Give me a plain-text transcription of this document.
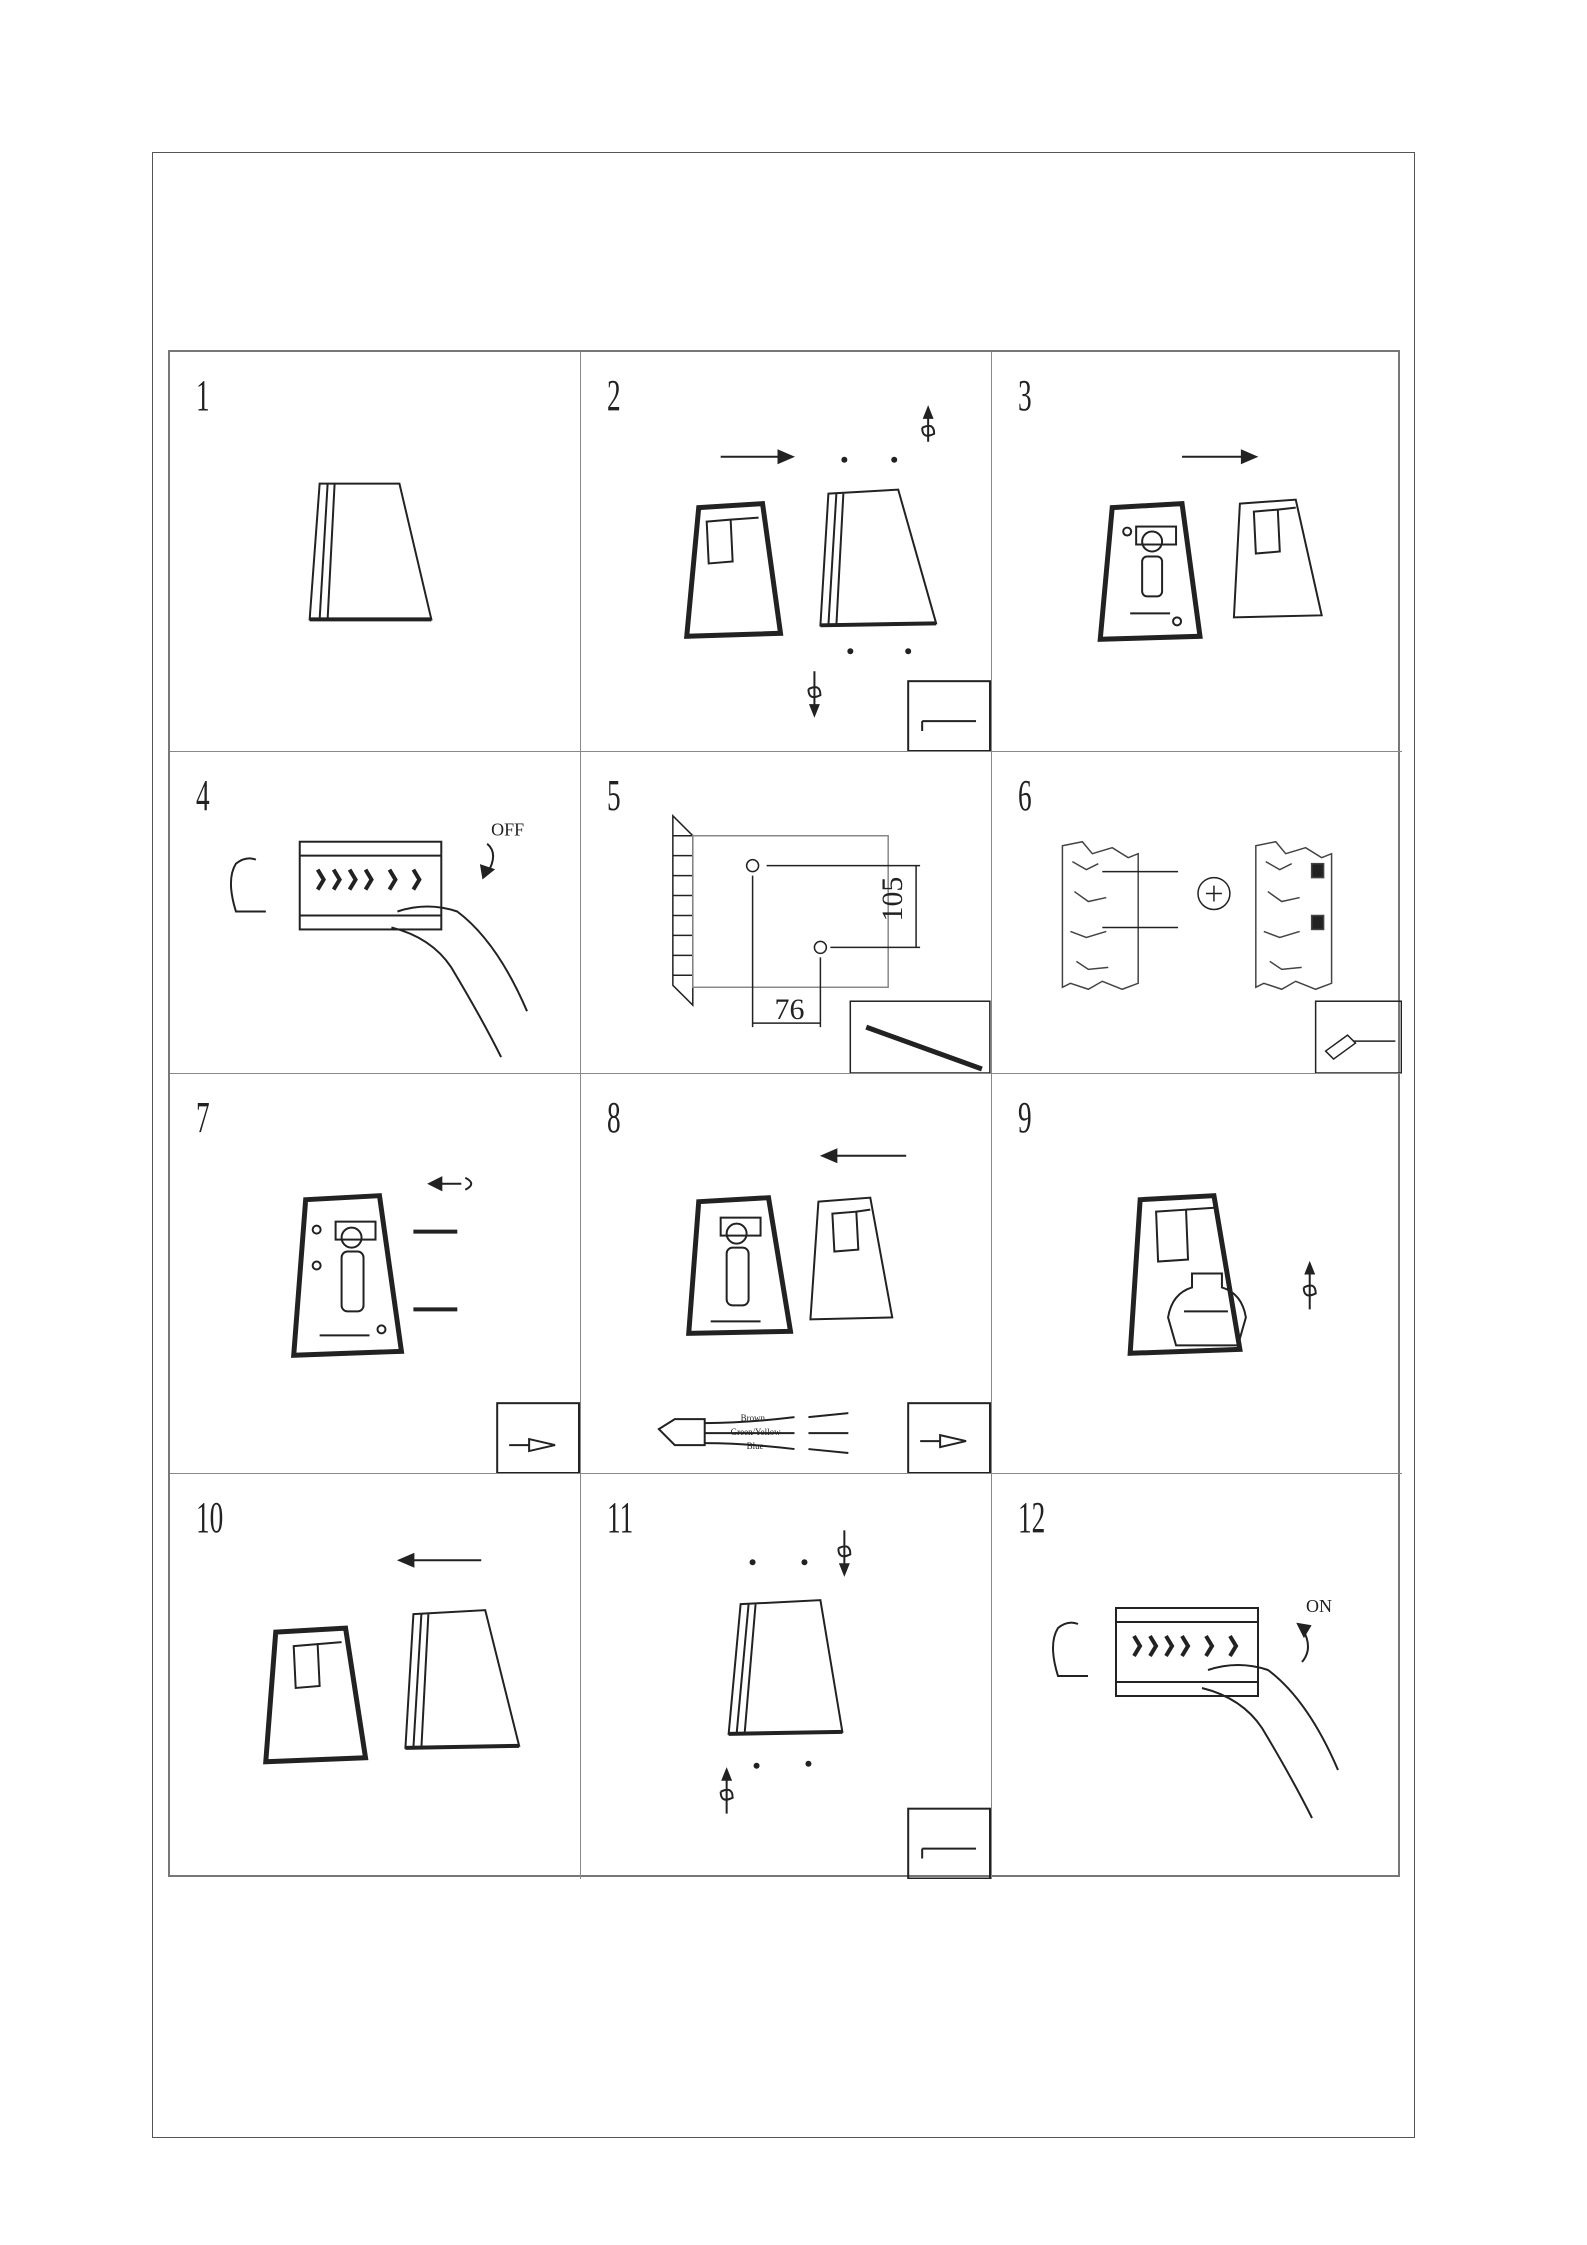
1	2	3
4
OFF
5
105
76
6
7	8
Brown
Green/Yellow
Blue
9
10	11	12
ON
